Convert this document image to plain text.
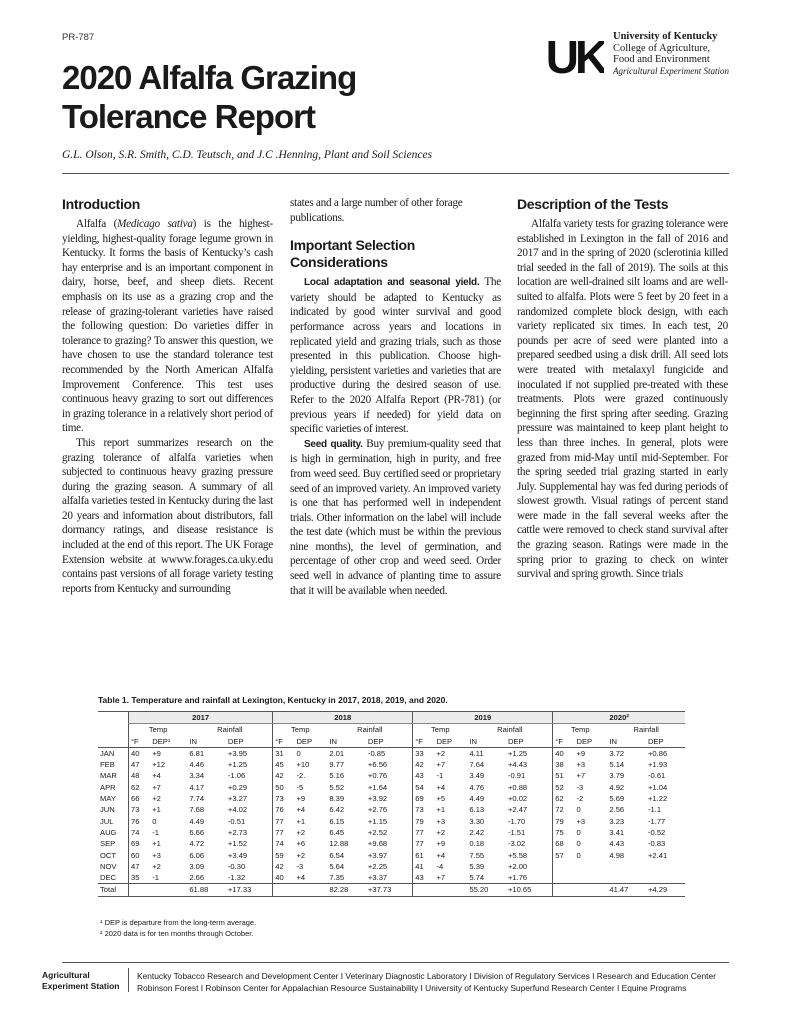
PR-787
2020 Alfalfa Grazing Tolerance Report
G.L. Olson, S.R. Smith, C.D. Teutsch, and J.C .Henning, Plant and Soil Sciences
UK University of Kentucky
College of Agriculture,
Food and Environment
Agricultural Experiment Station
Introduction

Alfalfa (Medicago sativa) is the highest-yielding, highest-quality forage legume grown in Kentucky. It forms the basis of Kentucky’s cash hay enterprise and is an important component in dairy, horse, beef, and sheep diets. Recent emphasis on its use as a grazing crop and the release of grazing-tolerant varieties have raised the following question: Do varieties differ in tolerance to grazing? To answer this question, we have chosen to use the standard tolerance test recommended by the North American Alfalfa Improvement Conference. This test uses continuous heavy grazing to sort out differences in grazing tolerance in a relatively short period of time.

This report summarizes research on the grazing tolerance of alfalfa varieties when subjected to continuous heavy grazing pressure during the grazing season. A summary of all alfalfa varieties tested in Kentucky during the last 20 years and information about distributors, fall dormancy ratings, and disease resistance is included at the end of this report. The UK Forage Extension website at wwww.forages.ca.uky.edu contains past versions of all forage variety testing reports from Kentucky and surrounding

states and a large number of other forage publications.

Important Selection Considerations

Local adaptation and seasonal yield. The variety should be adapted to Kentucky as indicated by good winter survival and good performance across years and locations in replicated yield and grazing trials, such as those presented in this publication. Choose high-yielding, persistent varieties and varieties that are productive during the desired season of use. Refer to the 2020 Alfalfa Report (PR-781) (or previous years if needed) for yield data on specific varieties of interest.

Seed quality. Buy premium-quality seed that is high in germination, high in purity, and free from weed seed. Buy certified seed or proprietary seed of an improved variety. An improved variety is one that has performed well in independent trials. Other information on the label will include the test date (which must be within the previous nine months), the level of germination, and percentage of other crop and weed seed. Order seed well in advance of planting time to assure that it will be available when needed.

Description of the Tests

Alfalfa variety tests for grazing tolerance were established in Lexington in the fall of 2016 and 2017 and in the spring of 2020 (sclerotinia killed trial seeded in the fall of 2019). The soils at this location are well-drained silt loams and are well-suited to alfalfa. Plots were 5 feet by 20 feet in a randomized complete block design, with each variety replicated six times. In each test, 20 pounds per acre of seed were planted into a prepared seedbed using a disk drill. All seed lots were treated with metalaxyl fungicide and inoculated if not supplied pre-treated with these treatments. Plots were grazed continuously beginning the first spring after seeding. Grazing pressure was maintained to keep plant height to less than three inches. In general, plots were grazed from mid-May until mid-September. For the spring seeded trial grazing started in early July. Supplemental hay was fed during periods of slowest growth. Visual ratings of percent stand were made in the fall several weeks after the cattle were removed to check stand survival after the grazing season. Ratings were made in the spring prior to grazing to check on winter survival and spring growth. Since trials

Table 1. Temperature and rainfall at Lexington, Kentucky in 2017, 2018, 2019, and 2020.
	2017				2018				2019				2020²			
	Temp		Rainfall		Temp		Rainfall		Temp		Rainfall		Temp		Rainfall	
	°F	DEP¹	IN	DEP	°F	DEP	IN	DEP	°F	DEP	IN	DEP	°F	DEP	IN	DEP
JAN	40	+9	6.81	+3.95	31	0	2.01	-0.85	33	+2	4.11	+1.25	40	+9	3.72	+0.86
FEB	47	+12	4.46	+1.25	45	+10	9.77	+6.56	42	+7	7.64	+4.43	38	+3	5.14	+1.93
MAR	48	+4	3.34	-1.06	42	-2.	5.16	+0.76	43	-1	3.49	-0.91	51	+7	3.79	-0.61
APR	62	+7	4.17	+0.29	50	-5	5.52	+1.64	54	+4	4.76	+0.88	52	-3	4.92	+1.04
MAY	66	+2	7.74	+3.27	73	+9	8.39	+3.92	69	+5	4.49	+0.02	62	-2	5.69	+1.22
JUN	73	+1	7.68	+4.02	76	+4	6.42	+2.76	73	+1	6.13	+2.47	72	0	2.56	-1.1
JUL	76	0	4.49	-0.51	77	+1	6.15	+1.15	79	+3	3.30	-1.70	79	+3	3.23	-1.77
AUG	74	-1	6.66	+2.73	77	+2	6.45	+2.52	77	+2	2.42	-1.51	75	0	3.41	-0.52
SEP	69	+1	4.72	+1.52	74	+6	12.88	+9.68	77	+9	0.18	-3.02	68	0	4.43	-0.83
OCT	60	+3	6.06	+3.49	59	+2	6.54	+3.97	61	+4	7.55	+5.58	57	0	4.98	+2.41
NOV	47	+2	3.09	-0.30	42	-3	5.64	+2.25	41	-4	5.39	+2.00				
DEC	35	-1	2.66	-1.32	40	+4	7.35	+3.37	43	+7	5.74	+1.76				
Total			61.88	+17.33			82.28	+37.73			55.20	+10.65			41.47	+4.29
¹ DEP is departure from the long-term average.
² 2020 data is for ten months through October.
Agricultural
Experiment Station
Kentucky Tobacco Research and Development Center I Veterinary Diagnostic Laboratory I Division of Regulatory Services I Research and Education Center
Robinson Forest I Robinson Center for Appalachian Resource Sustainability I University of Kentucky Superfund Research Center I Equine Programs
